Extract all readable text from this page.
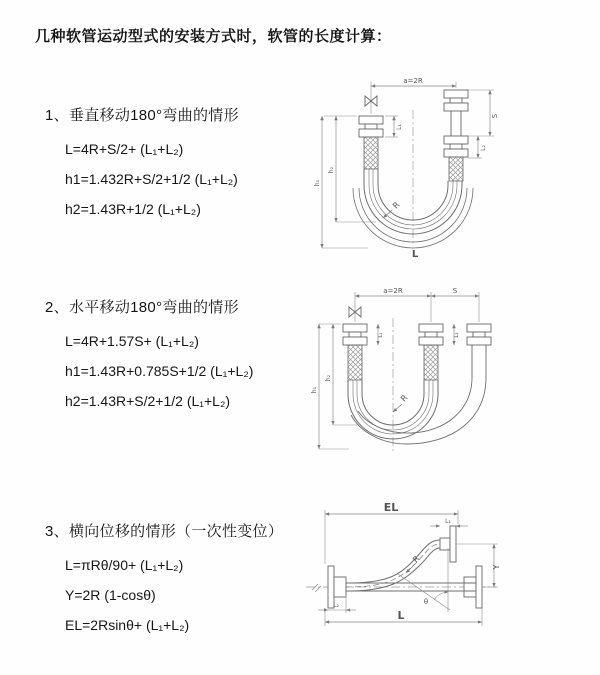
几种软管运动型式的安装方式时，软管的长度计算：
1、垂直移动180°弯曲的情形
L=4R+S/2+ (L₁+L₂)
h1=1.432R+S/2+1/2 (L₁+L₂)
h2=1.43R+1/2 (L₁+L₂)
2、水平移动180°弯曲的情形
L=4R+1.57S+ (L₁+L₂)
h1=1.43R+0.785S+1/2 (L₁+L₂)
h2=1.43R+S/2+1/2 (L₁+L₂)
3、横向位移的情形（一次性变位）
L=πRθ/90+ (L₁+L₂)
Y=2R (1-cosθ)
EL=2Rsinθ+ (L₁+L₂)
a=2R
S
L₂
L₁
h₂
h₁
R
L
a=2R	S
L₁	L₂
h₂
h₁
R
EL
L₁
Y
R
θ
L₂
L
